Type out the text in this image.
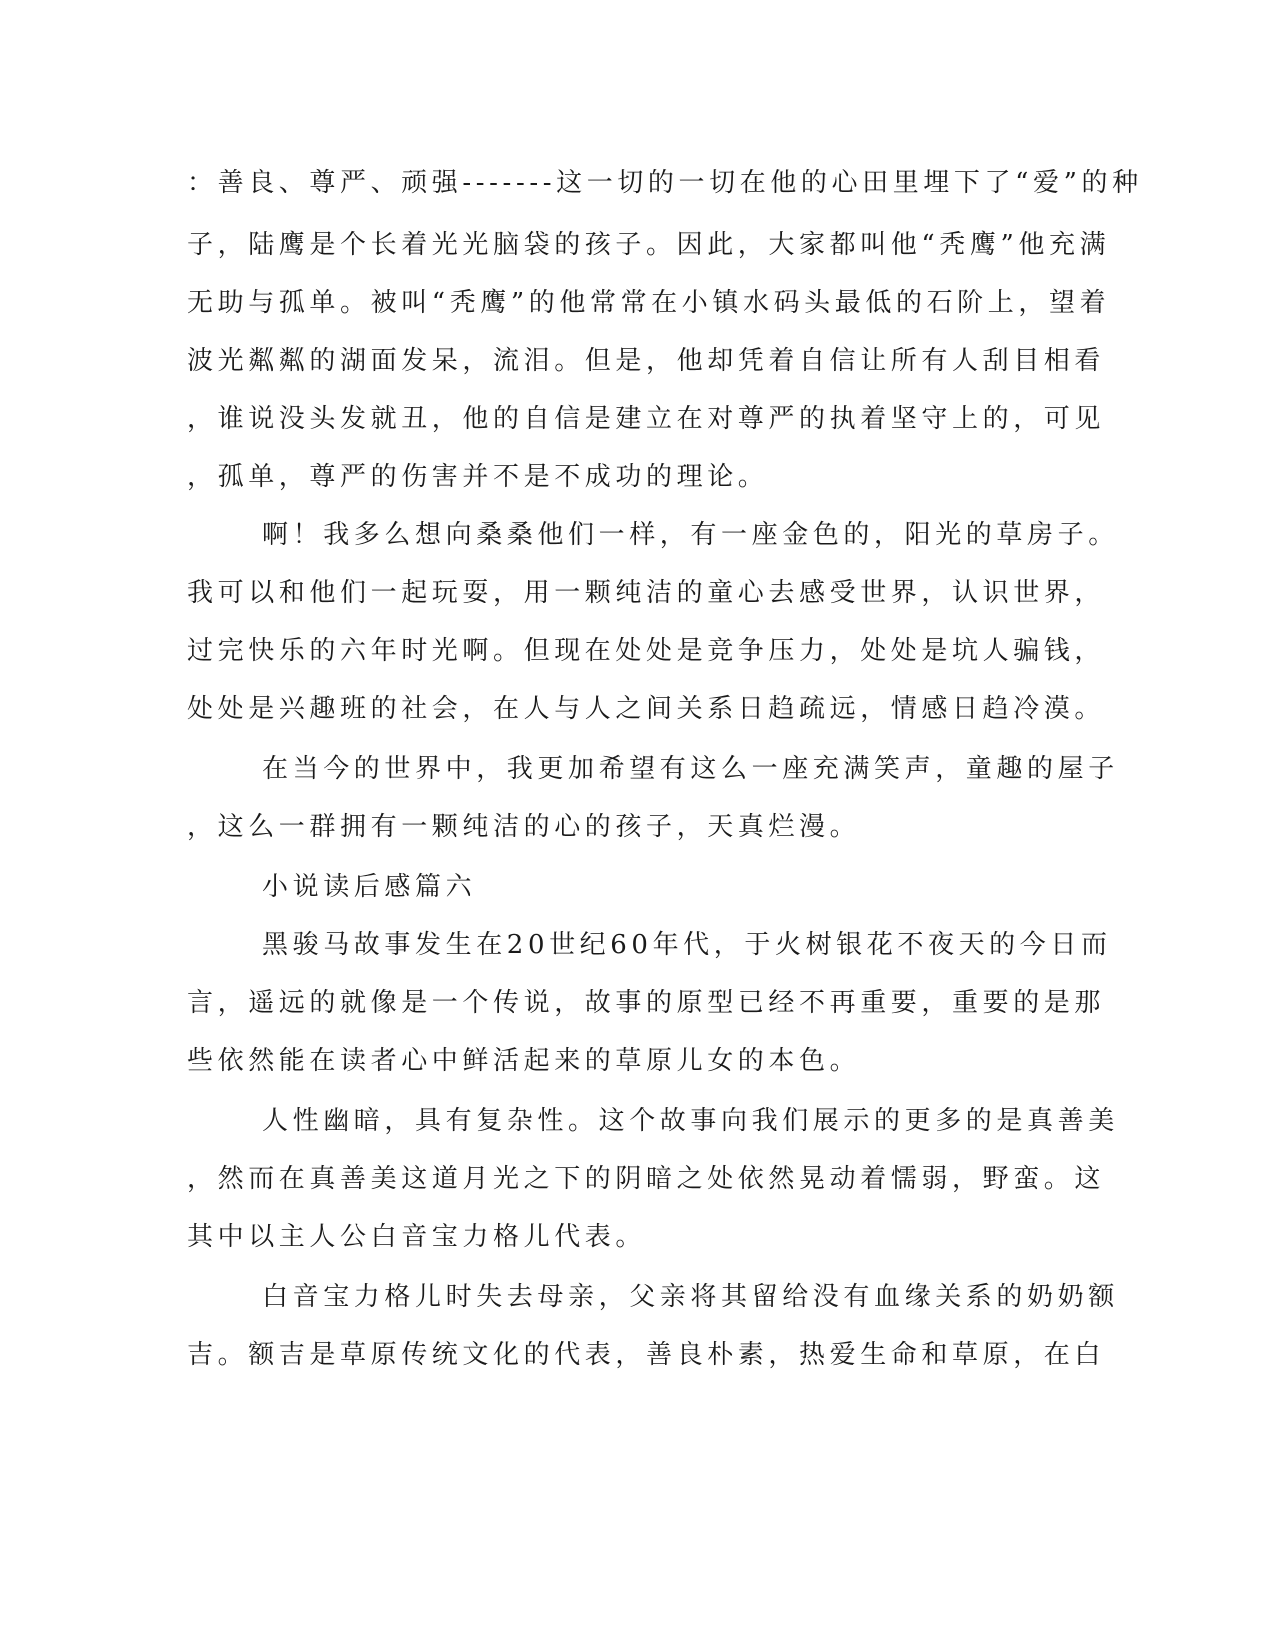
：善良、尊严、顽强-------这一切的一切在他的心田里埋下了“爱”的种
子，陆鹰是个长着光光脑袋的孩子。因此，大家都叫他“秃鹰”他充满
无助与孤单。被叫“秃鹰”的他常常在小镇水码头最低的石阶上，望着
波光粼粼的湖面发呆，流泪。但是，他却凭着自信让所有人刮目相看
，谁说没头发就丑，他的自信是建立在对尊严的执着坚守上的，可见
，孤单，尊严的伤害并不是不成功的理论。
啊！我多么想向桑桑他们一样，有一座金色的，阳光的草房子。
我可以和他们一起玩耍，用一颗纯洁的童心去感受世界，认识世界，
过完快乐的六年时光啊。但现在处处是竞争压力，处处是坑人骗钱，
处处是兴趣班的社会，在人与人之间关系日趋疏远，情感日趋冷漠。
在当今的世界中，我更加希望有这么一座充满笑声，童趣的屋子
，这么一群拥有一颗纯洁的心的孩子，天真烂漫。
小说读后感篇六
黑骏马故事发生在20世纪60年代，于火树银花不夜天的今日而
言，遥远的就像是一个传说，故事的原型已经不再重要，重要的是那
些依然能在读者心中鲜活起来的草原儿女的本色。
人性幽暗，具有复杂性。这个故事向我们展示的更多的是真善美
，然而在真善美这道月光之下的阴暗之处依然晃动着懦弱，野蛮。这
其中以主人公白音宝力格儿代表。
白音宝力格儿时失去母亲，父亲将其留给没有血缘关系的奶奶额
吉。额吉是草原传统文化的代表，善良朴素，热爱生命和草原，在白
